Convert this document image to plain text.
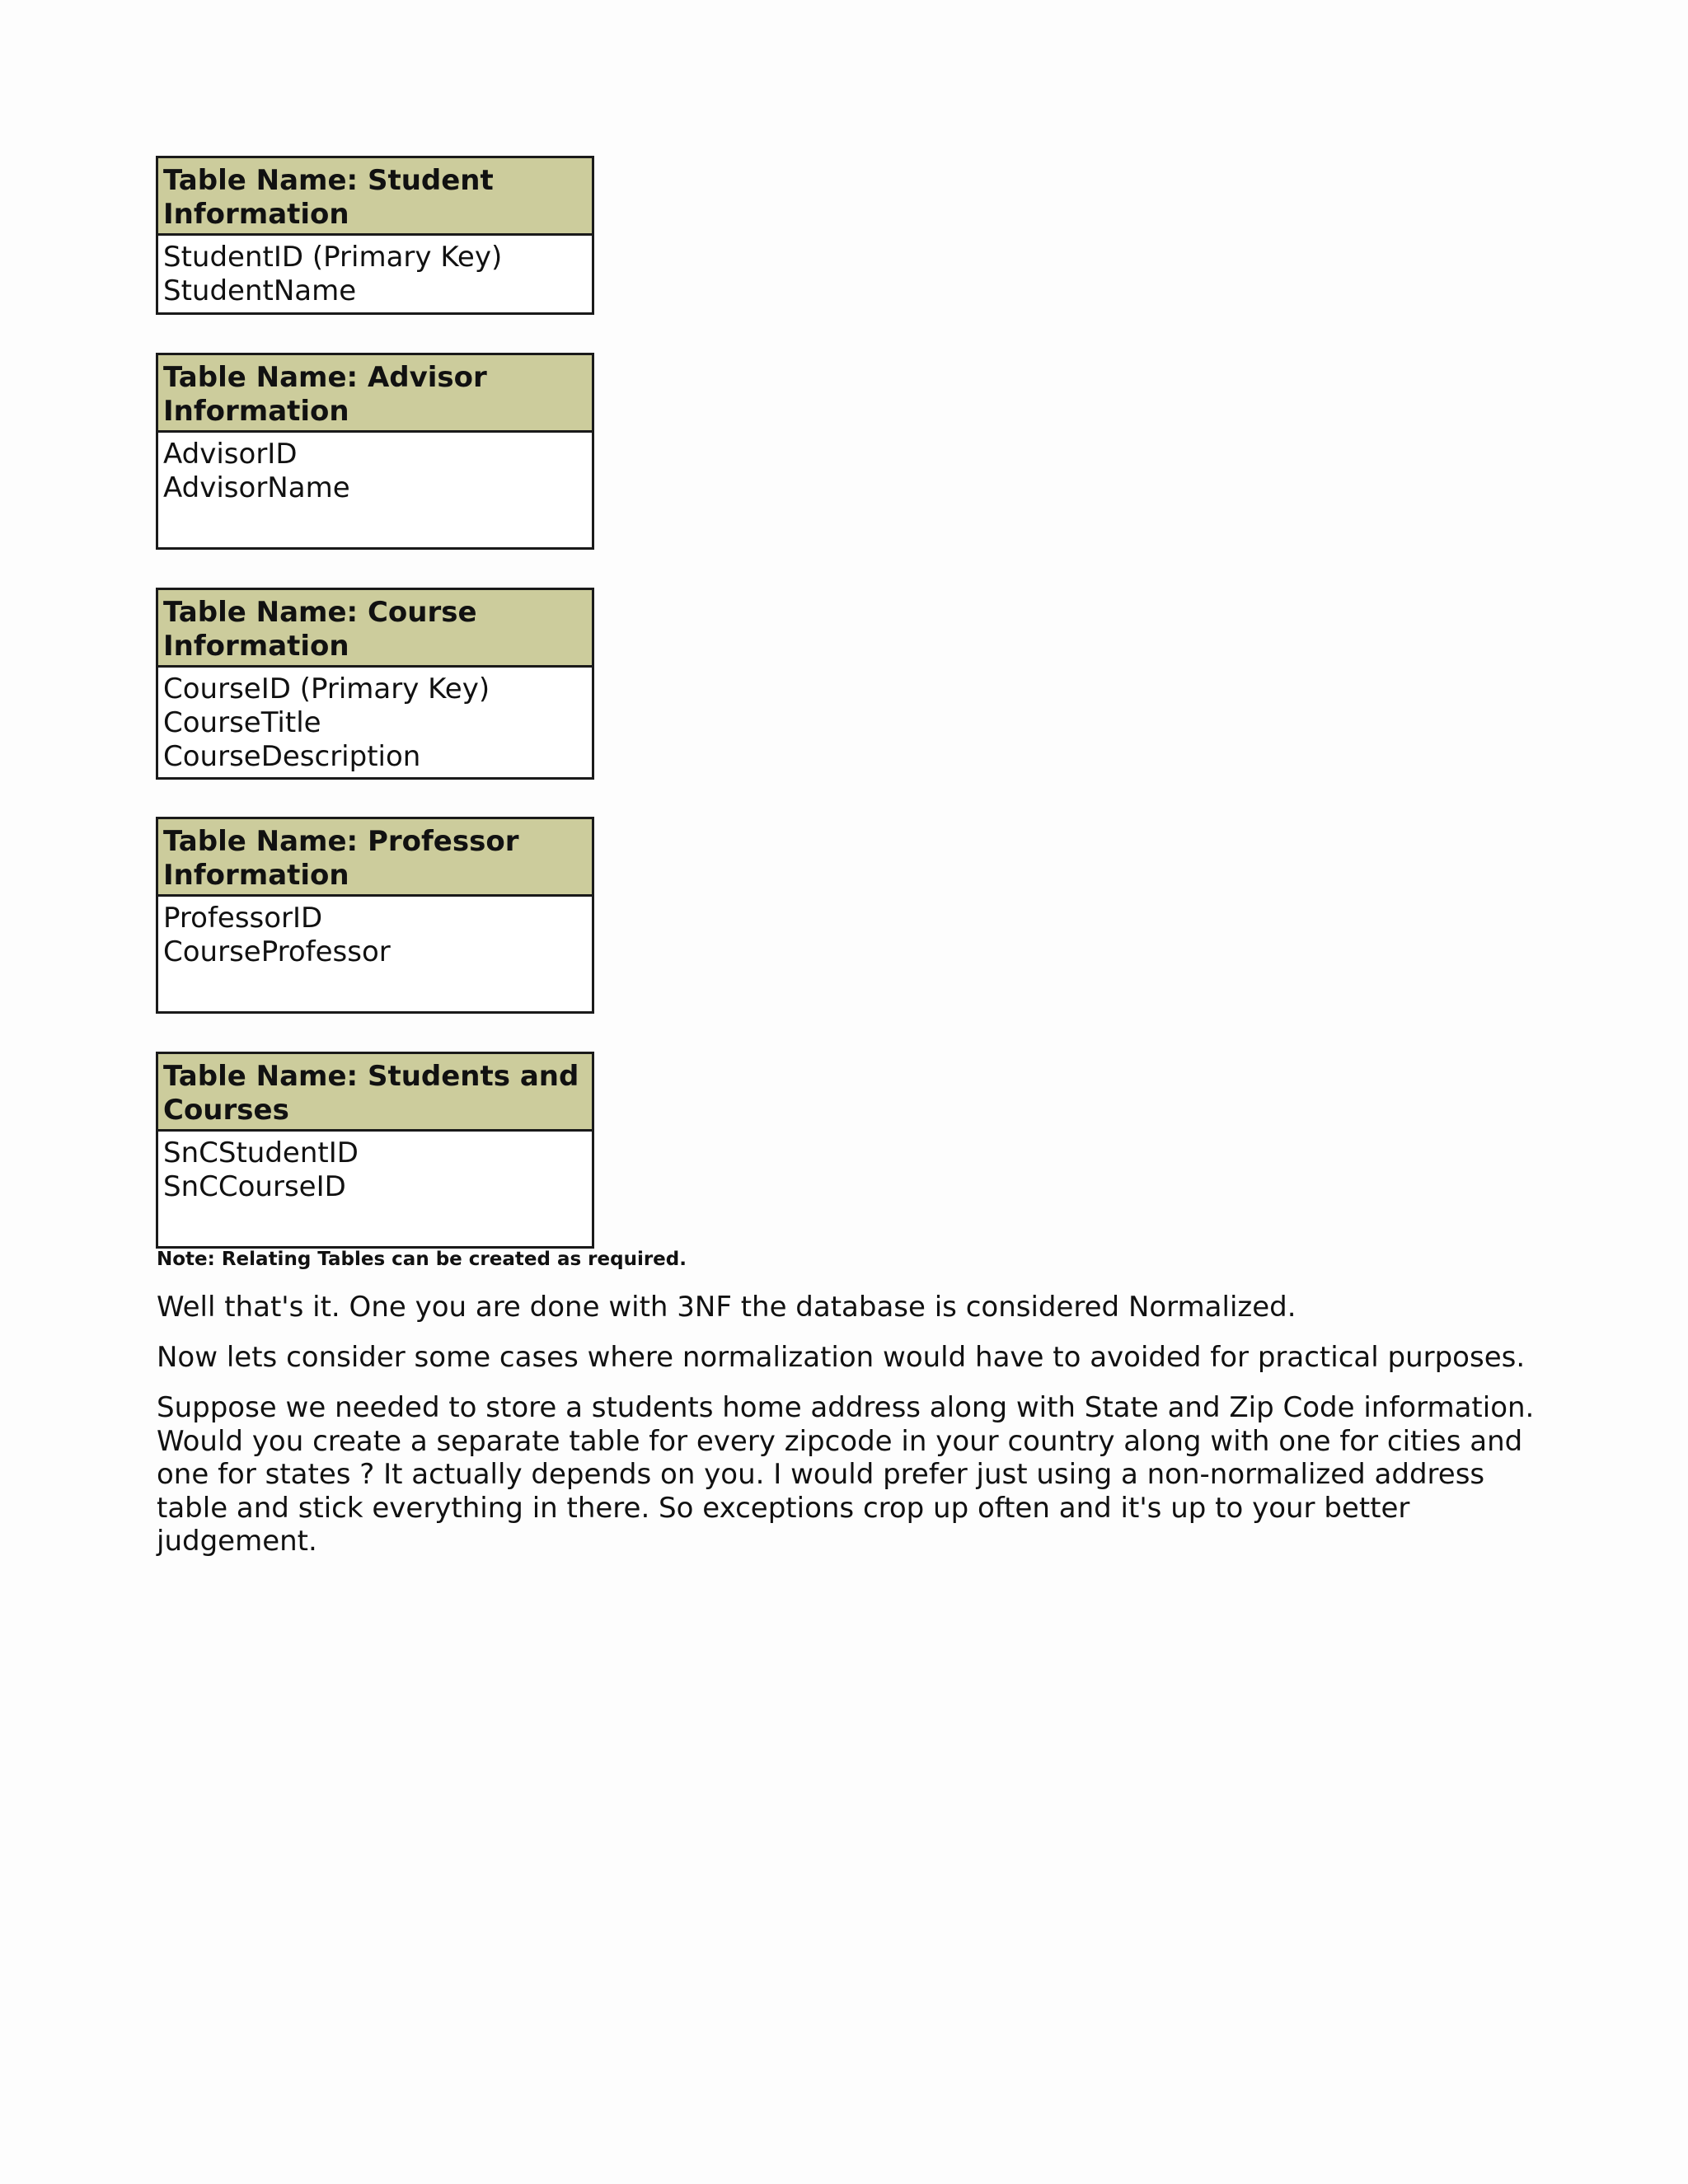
Table Name: Student Information
StudentID (Primary Key)
StudentName
Table Name: Advisor Information
AdvisorID
AdvisorName
Table Name: Course Information
CourseID (Primary Key)
CourseTitle
CourseDescription
Table Name: Professor Information
ProfessorID
CourseProfessor
Table Name: Students and Courses
SnCStudentID
SnCCourseID
Note: Relating Tables can be created as required.

Well that's it. One you are done with 3NF the database is considered Normalized.

Now lets consider some cases where normalization would have to avoided for practical purposes.

Suppose we needed to store a students home address along with State and Zip Code information. Would you create a separate table for every zipcode in your country along with one for cities and one for states ? It actually depends on you. I would prefer just using a non-normalized address table and stick everything in there. So exceptions crop up often and it's up to your better judgement.
